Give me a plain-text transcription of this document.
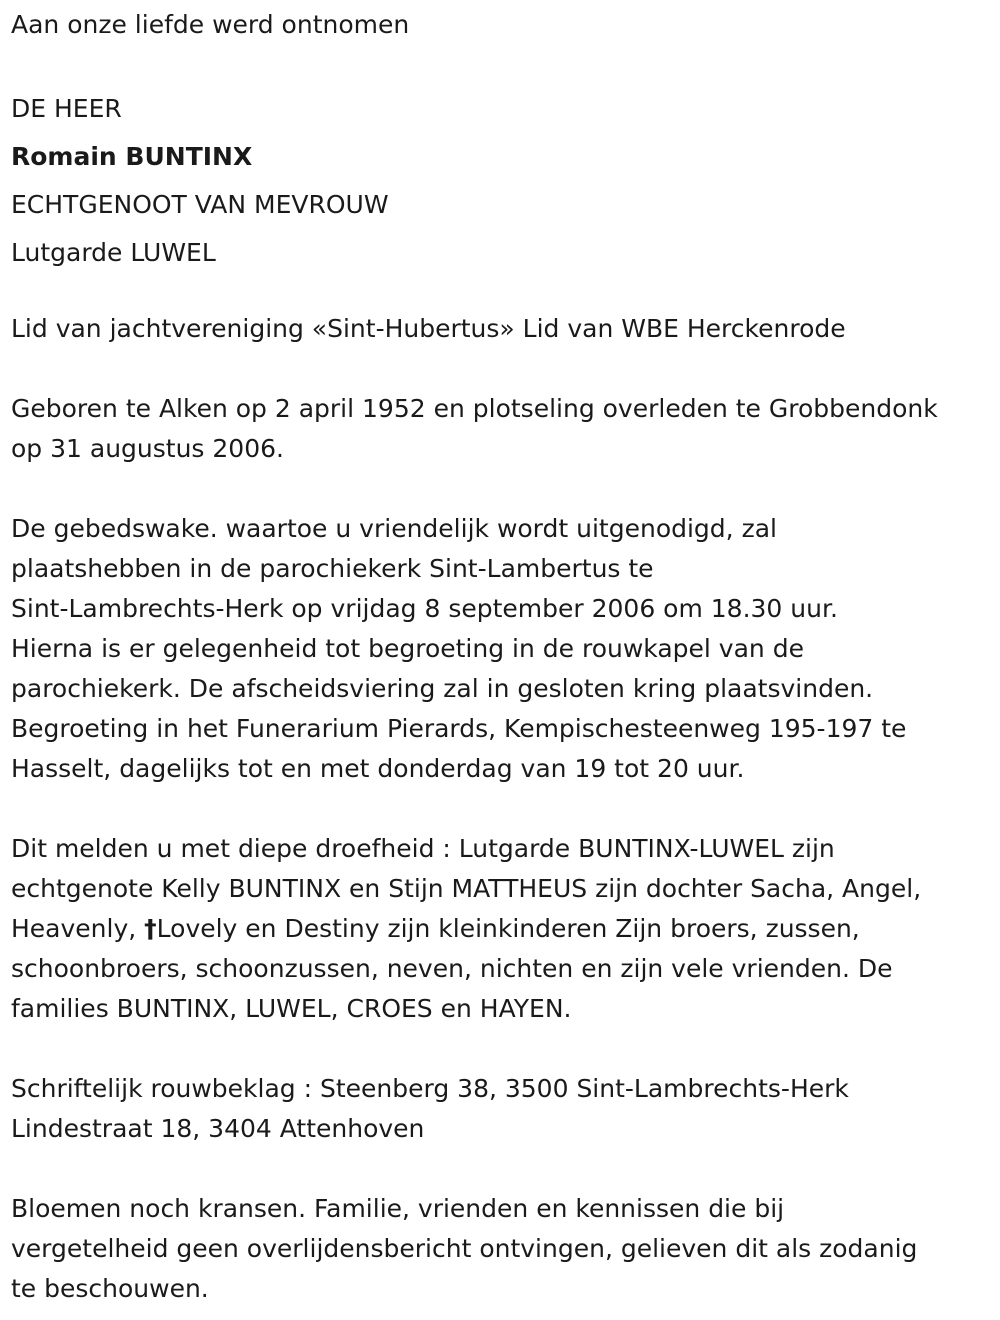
Aan onze liefde werd ontnomen
DE HEER
Romain BUNTINX
ECHTGENOOT VAN MEVROUW
Lutgarde LUWEL
Lid van jachtvereniging «Sint-Hubertus» Lid van WBE Herckenrode
Geboren te Alken op 2 april 1952 en plotseling overleden te Grobbendonk
op 31 augustus 2006.
De gebedswake. waartoe u vriendelijk wordt uitgenodigd, zal
plaatshebben in de parochiekerk Sint-Lambertus te
Sint-Lambrechts-Herk op vrijdag 8 september 2006 om 18.30 uur.
Hierna is er gelegenheid tot begroeting in de rouwkapel van de
parochiekerk. De afscheidsviering zal in gesloten kring plaatsvinden.
Begroeting in het Funerarium Pierards, Kempischesteenweg 195-197 te
Hasselt, dagelijks tot en met donderdag van 19 tot 20 uur.
Dit melden u met diepe droefheid : Lutgarde BUNTINX-LUWEL zijn
echtgenote Kelly BUNTINX en Stijn MATTHEUS zijn dochter Sacha, Angel,
Heavenly, †Lovely en Destiny zijn kleinkinderen Zijn broers, zussen,
schoonbroers, schoonzussen, neven, nichten en zijn vele vrienden. De
families BUNTINX, LUWEL, CROES en HAYEN.
Schriftelijk rouwbeklag : Steenberg 38, 3500 Sint-Lambrechts-Herk
Lindestraat 18, 3404 Attenhoven
Bloemen noch kransen. Familie, vrienden en kennissen die bij
vergetelheid geen overlijdensbericht ontvingen, gelieven dit als zodanig
te beschouwen.
